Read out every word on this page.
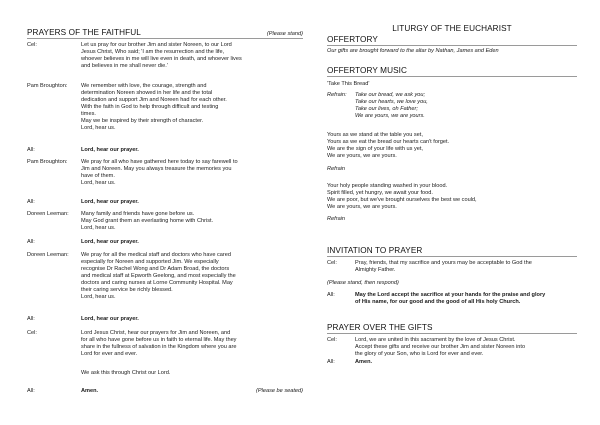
PRAYERS OF THE FAITHFUL	(Please stand)
Cel:	Let us pray for our brother Jim and sister Noreen, to our Lord
Jesus Christ, Who said; 'I am the resurrection and the life,
whoever believes in me will live even in death, and whoever lives
and believes in me shall never die.'
Pam Broughton:	We remember with love, the courage, strength and
determination Noreen showed in her life and the total
dedication and support Jim and Noreen had for each other.
With the faith in God to help through difficult and testing
times.
May we be inspired by their strength of character.
Lord, hear us.
All:	Lord, hear our prayer.
Pam Broughton:	We pray for all who have gathered here today to say farewell to
Jim and Noreen. May you always treasure the memories you
have of them.
Lord, hear us.
All:	Lord, hear our prayer.
Doreen Leeman:	Many family and friends have gone before us.
May God grant them an everlasting home with Christ.
Lord, hear us.
All:	Lord, hear our prayer.
Doreen Leeman:	We pray for all the medical staff and doctors who have cared
especially for Noreen and supported Jim. We especially
recognise Dr Rachel Wong and Dr Adam Broad, the doctors
and medical staff at Epworth Geelong, and most especially the
doctors and caring nurses at Lorne Community Hospital. May
their caring service be richly blessed.
Lord, hear us.
All:	Lord, hear our prayer.
Cel:	Lord Jesus Christ, hear our prayers for Jim and Noreen, and
for all who have gone before us in faith to eternal life. May they
share in the fullness of salvation in the Kingdom where you are
Lord for ever and ever.
We ask this through Christ our Lord.
All:	Amen.	(Please be seated)
LITURGY OF THE EUCHARIST
OFFERTORY
Our gifts are brought forward to the altar by Nathan, James and Eden
OFFERTORY MUSIC
'Take This Bread'
Refrain: Take our bread, we ask you;
Take our hearts, we love you,
Take our lives, oh Father;
We are yours, we are yours.
Yours as we stand at the table you set,
Yours as we eat the bread our hearts can't forget.
We are the sign of your life with us yet,
We are yours, we are yours.
Refrain
Your holy people standing washed in your blood.
Spirit filled, yet hungry, we await your food.
We are poor, but we've brought ourselves the best we could,
We are yours, we are yours.
Refrain
INVITATION TO PRAYER
Cel:	Pray, friends, that my sacrifice and yours may be acceptable to God the
Almighty Father.
(Please stand, then respond)
All:	May the Lord accept the sacrifice at your hands for the praise and glory
of His name, for our good and the good of all His holy Church.
PRAYER OVER THE GIFTS
Cel:	Lord, we are united in this sacrament by the love of Jesus Christ.
Accept these gifts and receive our brother Jim and sister Noreen into
the glory of your Son, who is Lord for ever and ever.
All:	Amen.
